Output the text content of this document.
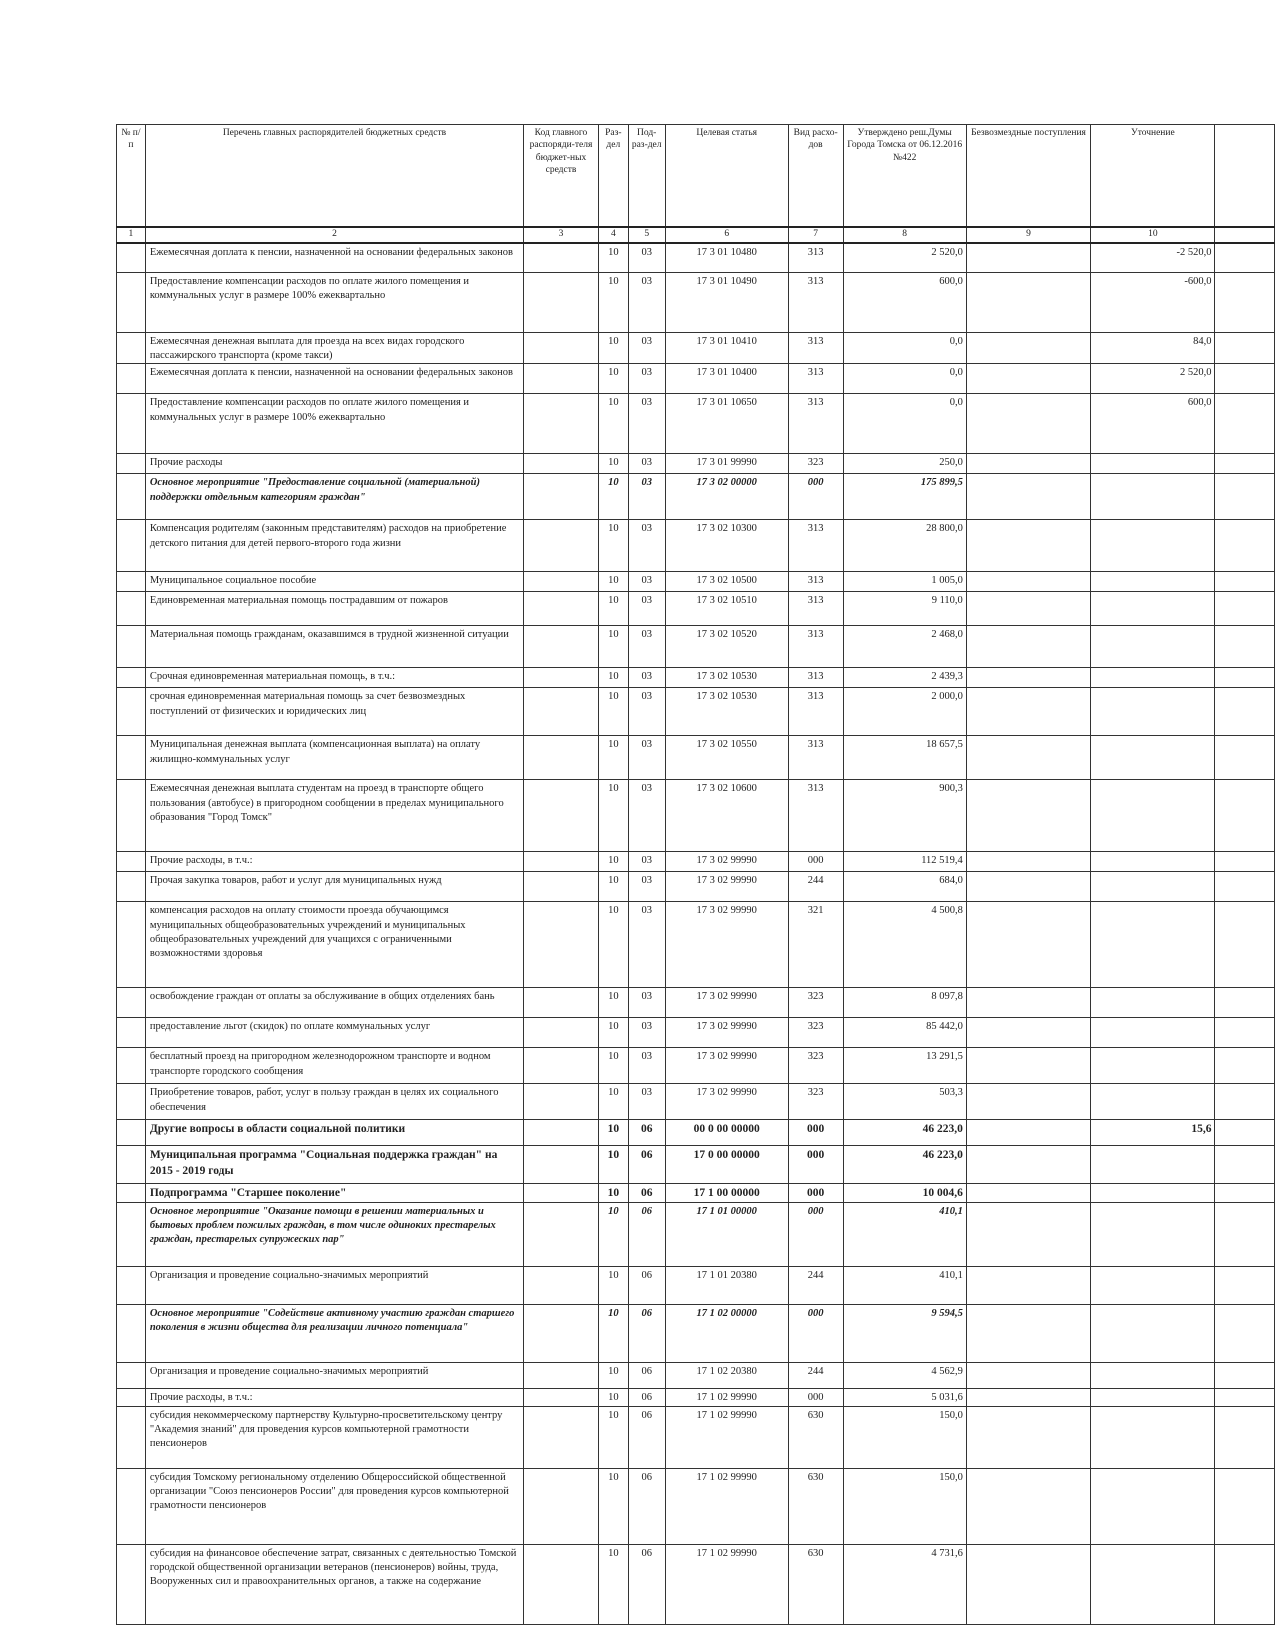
№ п/п	Перечень главных распорядителей бюджетных средств	Код главного распоряди-теля бюджет-ных средств	Раз-дел	Под-раз-дел	Целевая статья	Вид расхо-дов	Утверждено реш.Думы Города Томска от 06.12.2016 №422	Безвозмездные поступления	Уточнение	
1	2	3	4	5	6	7	8	9	10	
	Ежемесячная доплата к пенсии, назначенной на основании федеральных законов		10	03	17 3 01 10480	313	2 520,0		-2 520,0	
	Предоставление компенсации расходов по оплате жилого помещения и коммунальных услуг в размере 100% ежеквартально		10	03	17 3 01 10490	313	600,0		-600,0	
	Ежемесячная денежная выплата для проезда на всех видах городского пассажирского транспорта (кроме такси)		10	03	17 3 01 10410	313	0,0		84,0	
	Ежемесячная доплата к пенсии, назначенной на основании федеральных законов		10	03	17 3 01 10400	313	0,0		2 520,0	
	Предоставление компенсации расходов по оплате жилого помещения и коммунальных услуг в размере 100% ежеквартально		10	03	17 3 01 10650	313	0,0		600,0	
	Прочие расходы		10	03	17 3 01 99990	323	250,0			
	Основное мероприятие "Предоставление социальной (материальной) поддержки отдельным категориям граждан"		10	03	17 3 02 00000	000	175 899,5			
	Компенсация родителям (законным представителям) расходов на приобретение детского питания для детей первого-второго года жизни		10	03	17 3 02 10300	313	28 800,0			
	Муниципальное социальное пособие		10	03	17 3 02 10500	313	1 005,0			
	Единовременная материальная помощь пострадавшим от пожаров		10	03	17 3 02 10510	313	9 110,0			
	Материальная помощь гражданам, оказавшимся в трудной жизненной ситуации		10	03	17 3 02 10520	313	2 468,0			
	Срочная единовременная материальная помощь, в т.ч.:		10	03	17 3 02 10530	313	2 439,3			
	срочная единовременная материальная помощь за счет безвозмездных поступлений от физических и юридических лиц		10	03	17 3 02 10530	313	2 000,0			
	Муниципальная денежная выплата (компенсационная выплата) на оплату жилищно-коммунальных услуг		10	03	17 3 02 10550	313	18 657,5			
	Ежемесячная денежная выплата студентам на проезд в транспорте общего пользования (автобусе) в пригородном сообщении в пределах муниципального образования "Город Томск"		10	03	17 3 02 10600	313	900,3			
	Прочие расходы, в т.ч.:		10	03	17 3 02 99990	000	112 519,4			
	Прочая закупка товаров, работ и услуг для муниципальных нужд		10	03	17 3 02 99990	244	684,0			
	компенсация расходов на оплату стоимости проезда обучающимся муниципальных общеобразовательных учреждений и муниципальных общеобразовательных учреждений для учащихся с ограниченными возможностями здоровья		10	03	17 3 02 99990	321	4 500,8			
	освобождение граждан от оплаты за обслуживание в общих отделениях бань		10	03	17 3 02 99990	323	8 097,8			
	предоставление льгот (скидок) по оплате коммунальных услуг		10	03	17 3 02 99990	323	85 442,0			
	бесплатный проезд на пригородном железнодорожном транспорте и водном транспорте городского сообщения		10	03	17 3 02 99990	323	13 291,5			
	Приобретение товаров, работ, услуг в пользу граждан в целях их социального обеспечения		10	03	17 3 02 99990	323	503,3			
	Другие вопросы в области социальной политики		10	06	00 0 00 00000	000	46 223,0		15,6	
	Муниципальная программа "Социальная поддержка граждан" на 2015 - 2019 годы		10	06	17 0 00 00000	000	46 223,0			
	Подпрограмма "Старшее поколение"		10	06	17 1 00 00000	000	10 004,6			
	Основное мероприятие "Оказание помощи в решении материальных и бытовых проблем пожилых граждан, в том числе одиноких престарелых граждан, престарелых супружеских пар"		10	06	17 1 01 00000	000	410,1			
	Организация и проведение социально-значимых мероприятий		10	06	17 1 01 20380	244	410,1			
	Основное мероприятие "Содействие активному участию граждан старшего поколения в жизни общества для реализации личного потенциала"		10	06	17 1 02 00000	000	9 594,5			
	Организация и проведение социально-значимых мероприятий		10	06	17 1 02 20380	244	4 562,9			
	Прочие расходы, в т.ч.:		10	06	17 1 02 99990	000	5 031,6			
	субсидия некоммерческому партнерству Культурно-просветительскому центру "Академия знаний" для проведения курсов компьютерной грамотности пенсионеров		10	06	17 1 02 99990	630	150,0			
	субсидия Томскому региональному отделению Общероссийской общественной организации "Союз пенсионеров России" для проведения курсов компьютерной грамотности пенсионеров		10	06	17 1 02 99990	630	150,0			
	субсидия на финансовое обеспечение затрат, связанных с деятельностью Томской городской общественной организации ветеранов (пенсионеров) войны, труда, Вооруженных сил и правоохранительных органов, а также на содержание		10	06	17 1 02 99990	630	4 731,6			
